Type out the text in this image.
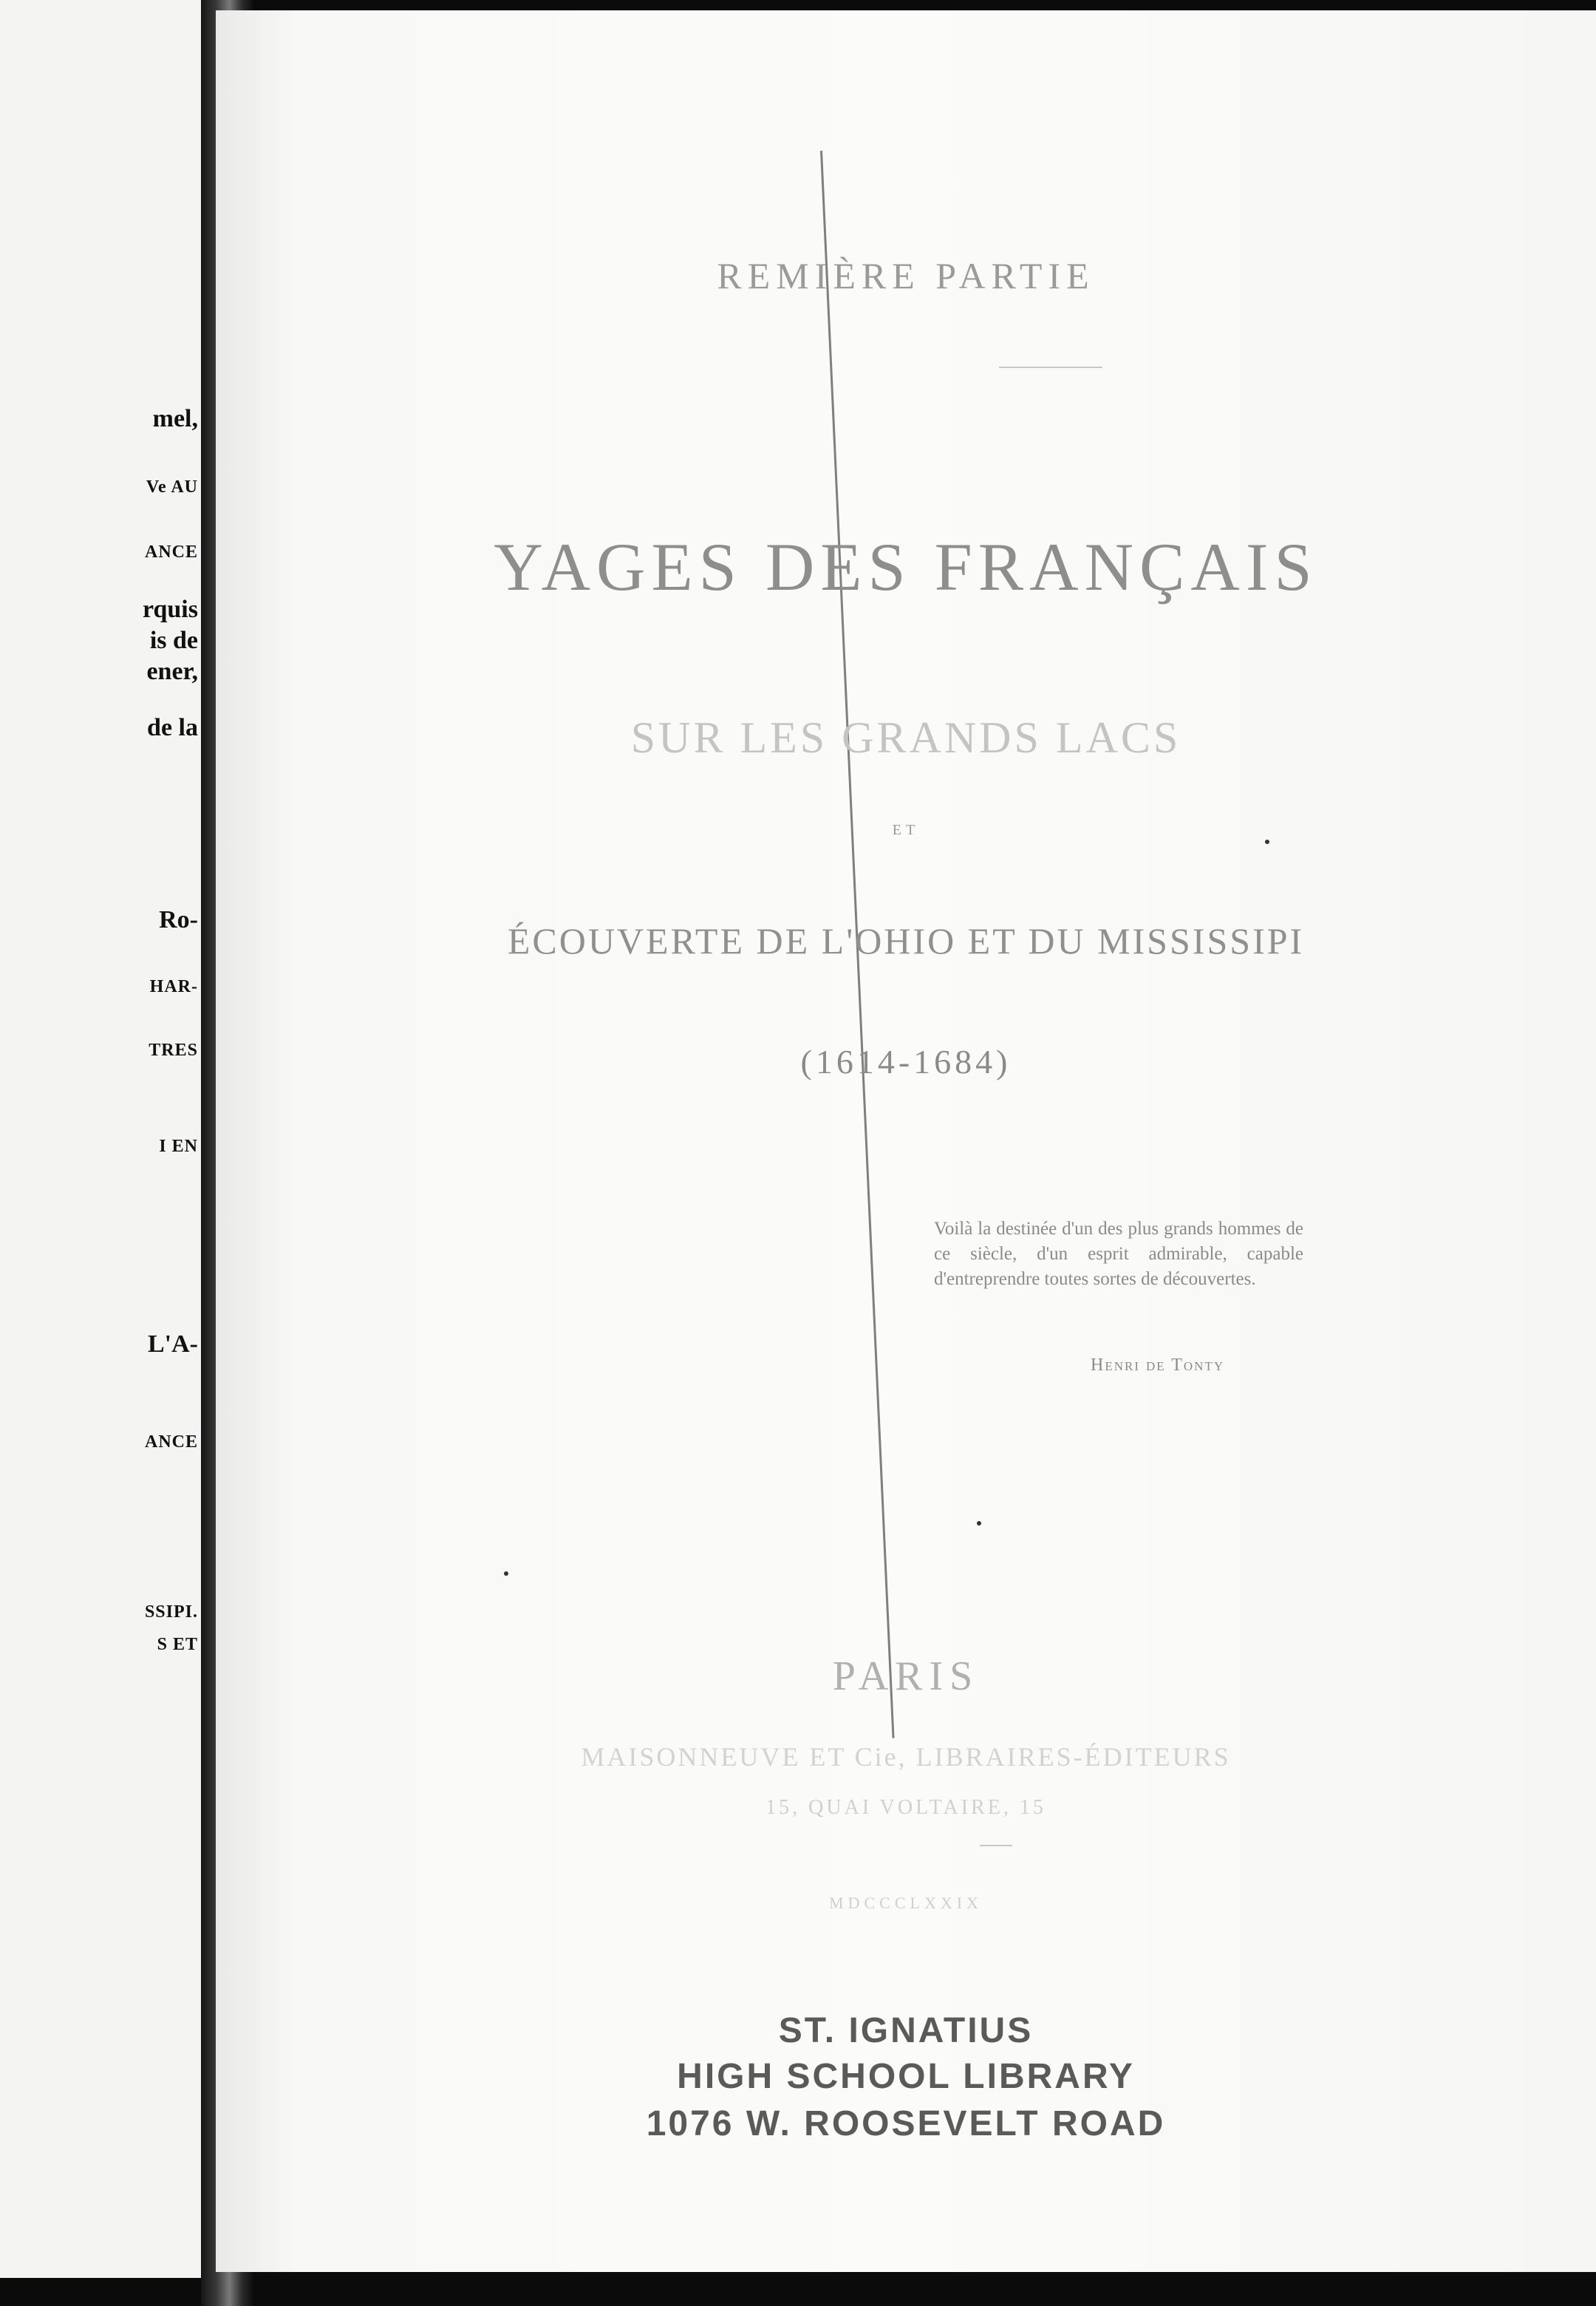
mel,
Ve AU
ANCE
rquis
is de
ener,
de la
Ro-
HAR-
TRES
I EN
L'A-
ANCE
SSIPI.
S ET
REMIÈRE PARTIE
YAGES DES FRANÇAIS
SUR LES GRANDS LACS
ET
ÉCOUVERTE DE L'OHIO ET DU MISSISSIPI
(1614-1684)
Voilà la destinée d'un des plus grands hommes de ce siècle, d'un esprit admirable, capable d'entreprendre toutes sortes de découvertes.
Henri de Tonty
PARIS
MAISONNEUVE ET Cie, LIBRAIRES-ÉDITEURS
15, QUAI VOLTAIRE, 15
MDCCCLXXIX
ST. IGNATIUS
HIGH SCHOOL LIBRARY
1076 W. ROOSEVELT ROAD
